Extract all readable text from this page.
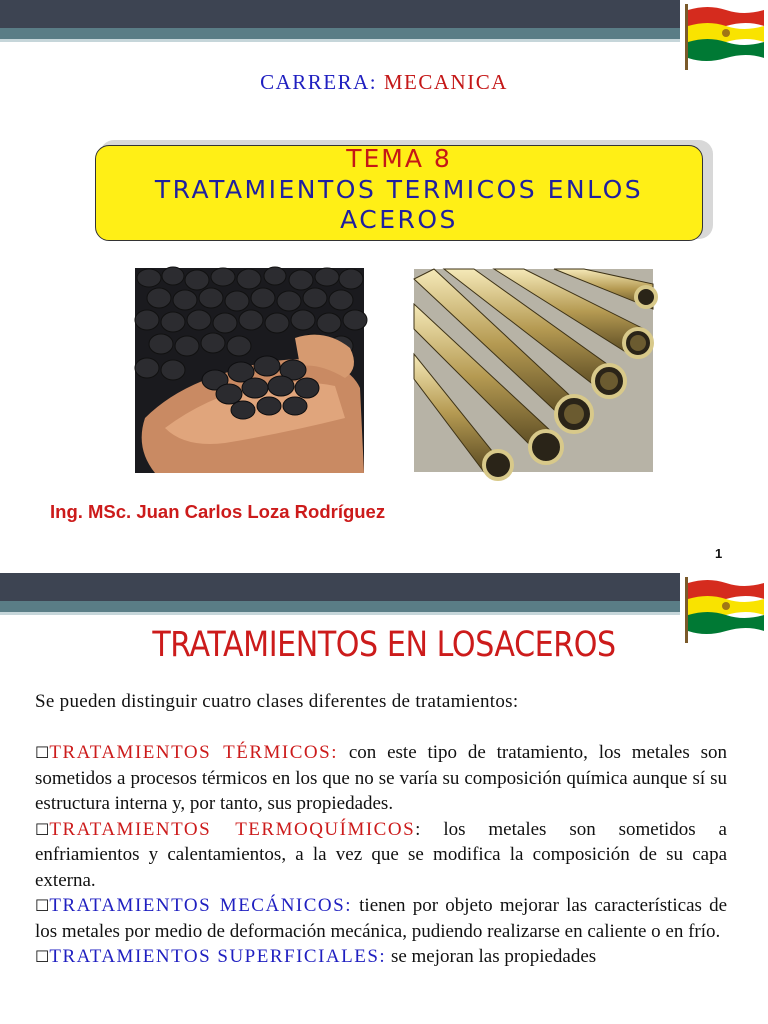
CARRERA: MECANICA
TEMA 8
TRATAMIENTOS TERMICOS ENLOS
ACEROS
Ing. MSc. Juan Carlos Loza Rodríguez
1
TRATAMIENTOS EN LOSACEROS
Se pueden distinguir cuatro clases diferentes de tratamientos:

☐TRATAMIENTOS TÉRMICOS: con este tipo de tratamiento, los metales son sometidos a procesos térmicos en los que no se varía su composición química aunque sí su estructura interna y, por tanto, sus propiedades.

☐TRATAMIENTOS TERMOQUÍMICOS: los metales son sometidos a enfriamientos y calentamientos, a la vez que se modifica la composición de su capa externa.

☐TRATAMIENTOS MECÁNICOS: tienen por objeto mejorar las características de los metales por medio de deformación mecánica, pudiendo realizarse en caliente o en frío.

☐TRATAMIENTOS SUPERFICIALES: se mejoran las propiedades
